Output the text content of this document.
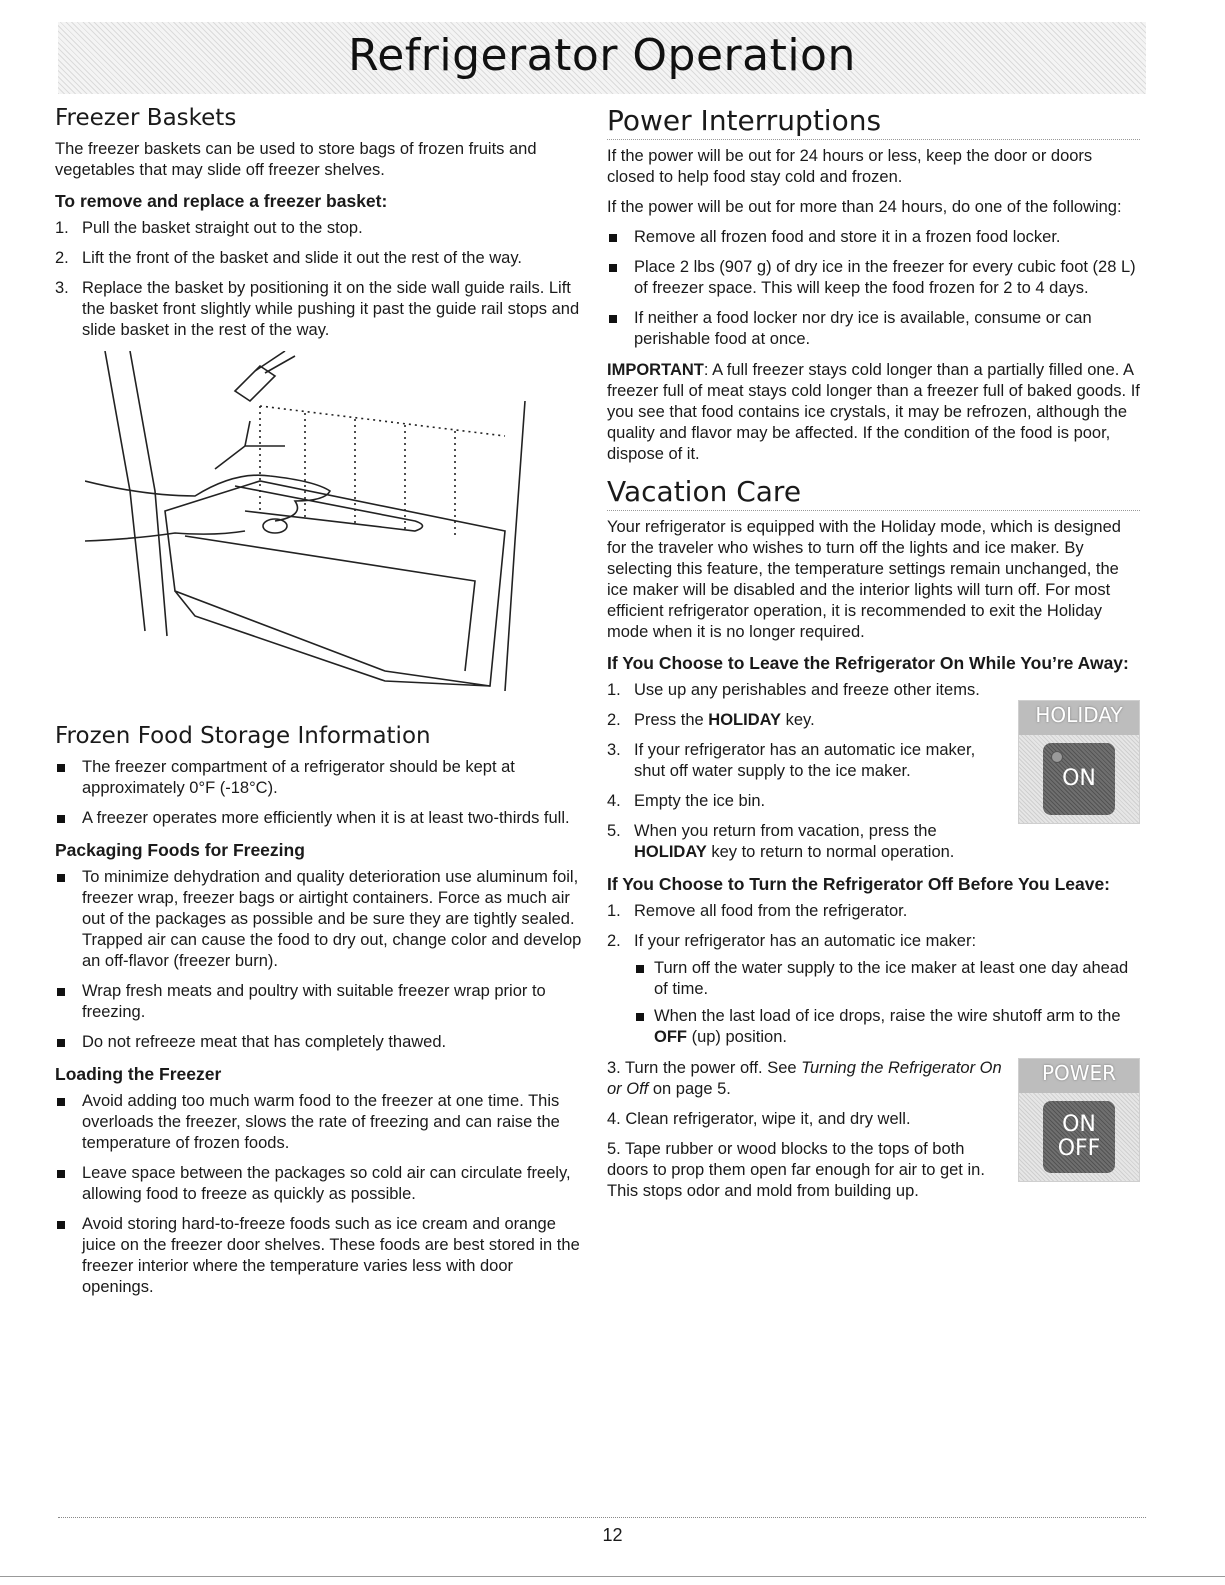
Refrigerator Operation
Freezer Baskets

The freezer baskets can be used to store bags of frozen fruits and vegetables that may slide off freezer shelves.

To remove and replace a freezer basket:
1. Pull the basket straight out to the stop.
2. Lift the front of the basket and slide it out the rest of the way.
3. Replace the basket by positioning it on the side wall guide rails. Lift the basket front slightly while pushing it past the guide rail stops and slide basket in the rest of the way.
Frozen Food Storage Information
The freezer compartment of a refrigerator should be kept at approximately 0°F (-18°C).
A freezer operates more efficiently when it is at least two-thirds full.
Packaging Foods for Freezing
To minimize dehydration and quality deterioration use aluminum foil, freezer wrap, freezer bags or airtight containers. Force as much air out of the packages as possible and be sure they are tightly sealed. Trapped air can cause the food to dry out, change color and develop an off-flavor (freezer burn).
Wrap fresh meats and poultry with suitable freezer wrap prior to freezing.
Do not refreeze meat that has completely thawed.
Loading the Freezer
Avoid adding too much warm food to the freezer at one time. This overloads the freezer, slows the rate of freezing and can raise the temperature of frozen foods.
Leave space between the packages so cold air can circulate freely, allowing food to freeze as quickly as possible.
Avoid storing hard-to-freeze foods such as ice cream and orange juice on the freezer door shelves. These foods are best stored in the freezer interior where the temperature varies less with door openings.
Power Interruptions

If the power will be out for 24 hours or less, keep the door or doors closed to help food stay cold and frozen.

If the power will be out for more than 24 hours, do one of the following:

Remove all frozen food and store it in a frozen food locker.
Place 2 lbs (907 g) of dry ice in the freezer for every cubic foot (28 L) of freezer space. This will keep the food frozen for 2 to 4 days.
If neither a food locker nor dry ice is available, consume or can perishable food at once.

IMPORTANT: A full freezer stays cold longer than a partially filled one. A freezer full of meat stays cold longer than a freezer full of baked goods. If you see that food contains ice crystals, it may be refrozen, although the quality and flavor may be affected. If the condition of the food is poor, dispose of it.

Vacation Care

Your refrigerator is equipped with the Holiday mode, which is designed for the traveler who wishes to turn off the lights and ice maker. By selecting this feature, the temperature settings remain unchanged, the ice maker will be disabled and the interior lights will turn off. For most efficient refrigerator operation, it is recommended to exit the Holiday mode when it is no longer required.

If You Choose to Leave the Refrigerator On While You’re Away:
HOLIDAY
ON
1. Use up any perishables and freeze other items.
2. Press the HOLIDAY key.
3. If your refrigerator has an automatic ice maker, shut off water supply to the ice maker.
4. Empty the ice bin.
5. When you return from vacation, press the HOLIDAY key to return to normal operation.
If You Choose to Turn the Refrigerator Off Before You Leave:
1. Remove all food from the refrigerator.
2. If your refrigerator has an automatic ice maker:
Turn off the water supply to the ice maker at least one day ahead of time.
When the last load of ice drops, raise the wire shutoff arm to the OFF (up) position.
POWER
ON
OFF

3. Turn the power off. See Turning the Refrigerator On or Off on page 5.

4. Clean refrigerator, wipe it, and dry well.

5. Tape rubber or wood blocks to the tops of both doors to prop them open far enough for air to get in. This stops odor and mold from building up.

12
